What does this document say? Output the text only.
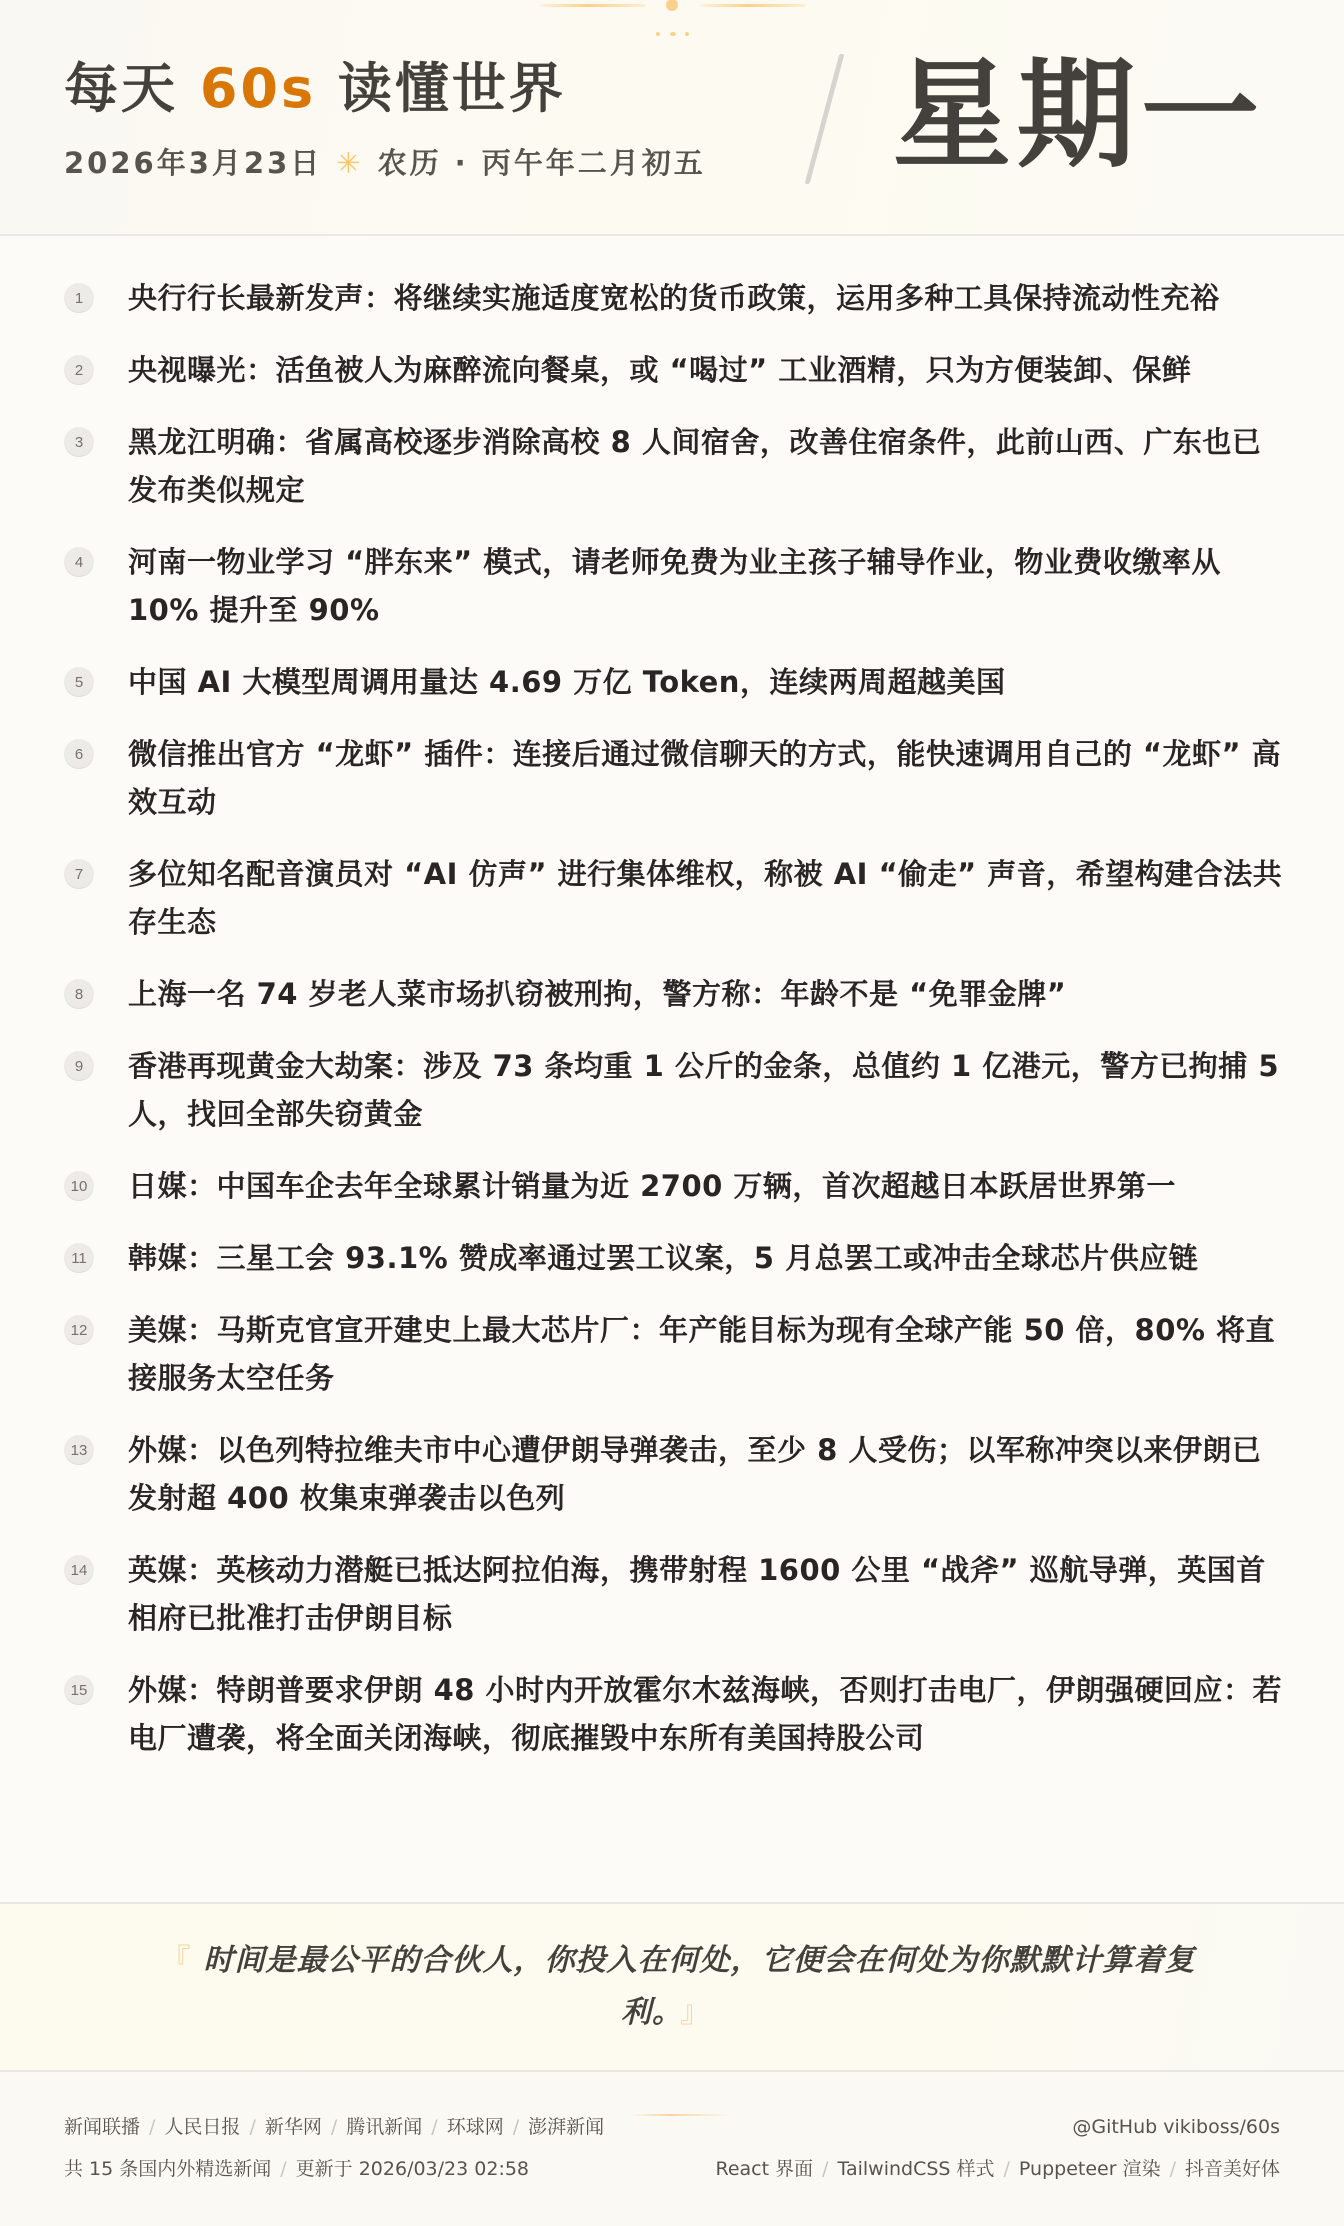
每天 60s 读懂世界
2026年3月23日 ✳ 农历 · 丙午年二月初五 星期一
1	央行行长最新发声：将继续实施适度宽松的货币政策，运用多种工具保持流动性充裕

2	央视曝光：活鱼被人为麻醉流向餐桌，或 “喝过” 工业酒精，只为方便装卸、保鲜

3	黑龙江明确：省属高校逐步消除高校 8 人间宿舍，改善住宿条件，此前山西、广东也已发布类似规定

4	河南一物业学习 “胖东来” 模式，请老师免费为业主孩子辅导作业，物业费收缴率从 10% 提升至 90%

5	中国 AI 大模型周调用量达 4.69 万亿 Token，连续两周超越美国

6	微信推出官方 “龙虾” 插件：连接后通过微信聊天的方式，能快速调用自己的 “龙虾” 高效互动

7	多位知名配音演员对 “AI 仿声” 进行集体维权，称被 AI “偷走” 声音，希望构建合法共存生态

8	上海一名 74 岁老人菜市场扒窃被刑拘，警方称：年龄不是 “免罪金牌”

9	香港再现黄金大劫案：涉及 73 条均重 1 公斤的金条，总值约 1 亿港元，警方已拘捕 5 人，找回全部失窃黄金

10 日媒：中国车企去年全球累计销量为近 2700 万辆，首次超越日本跃居世界第一

11 韩媒：三星工会 93.1% 赞成率通过罢工议案，5 月总罢工或冲击全球芯片供应链

12 美媒：马斯克官宣开建史上最大芯片厂：年产能目标为现有全球产能 50 倍，80% 将直接服务太空任务

13 外媒：以色列特拉维夫市中心遭伊朗导弹袭击，至少 8 人受伤；以军称冲突以来伊朗已发射超 400 枚集束弹袭击以色列

14 英媒：英核动力潜艇已抵达阿拉伯海，携带射程 1600 公里 “战斧” 巡航导弹，英国首相府已批准打击伊朗目标

15 外媒：特朗普要求伊朗 48 小时内开放霍尔木兹海峡，否则打击电厂，伊朗强硬回应：若电厂遭袭，将全面关闭海峡，彻底摧毁中东所有美国持股公司

『 时间是最公平的合伙人，你投入在何处，它便会在何处为你默默计算着复利。 』

新闻联播 / 人民日报 / 新华网 / 腾讯新闻 / 环球网 / 澎湃新闻
共 15 条国内外精选新闻 / 更新于 2026/03/23 02:58
@GitHub vikiboss/60s
React 界面 / TailwindCSS 样式 / Puppeteer 渲染 / 抖音美好体
